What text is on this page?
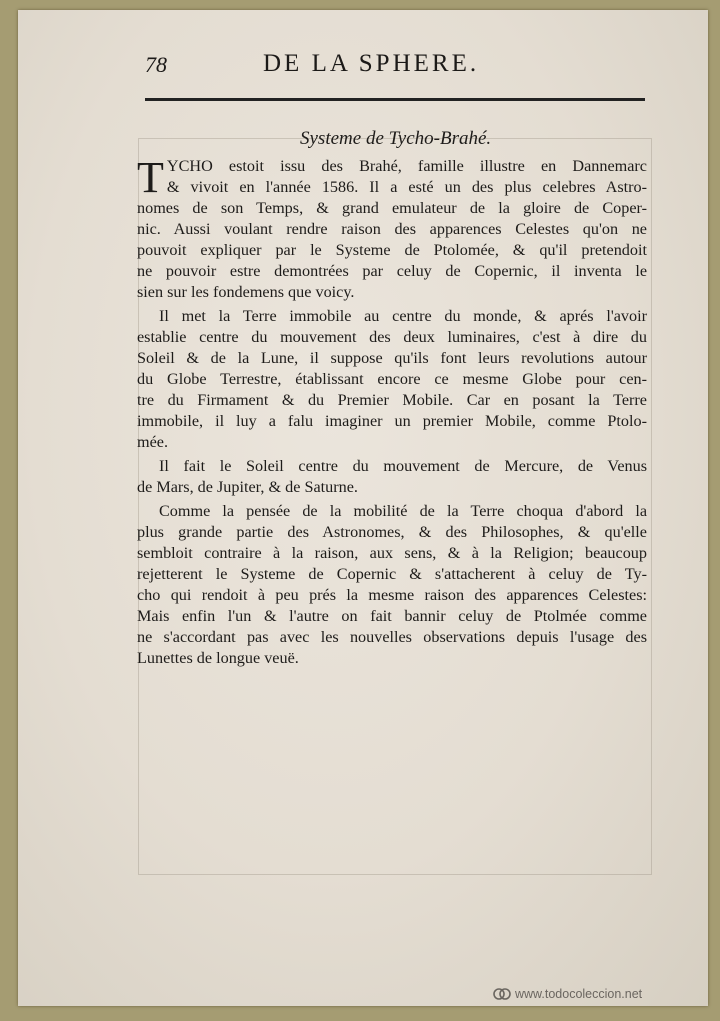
78	DE LA SPHERE.
Systeme de Tycho-Brahé.
T YCHO estoit issu des Brahé, famille illustre en Dannemarc
& vivoit en l'année 1586. Il a esté un des plus celebres Astro-
nomes de son Temps, & grand emulateur de la gloire de Coper-
nic. Aussi voulant rendre raison des apparences Celestes qu'on ne
pouvoit expliquer par le Systeme de Ptolomée, & qu'il pretendoit
ne pouvoir estre demontrées par celuy de Copernic, il inventa le
sien sur les fondemens que voicy.
Il met la Terre immobile au centre du monde, & aprés l'avoir
establie centre du mouvement des deux luminaires, c'est à dire du
Soleil & de la Lune, il suppose qu'ils font leurs revolutions autour
du Globe Terrestre, établissant encore ce mesme Globe pour cen-
tre du Firmament & du Premier Mobile. Car en posant la Terre
immobile, il luy a falu imaginer un premier Mobile, comme Ptolo-
mée.
Il fait le Soleil centre du mouvement de Mercure, de Venus
de Mars, de Jupiter, & de Saturne.
Comme la pensée de la mobilité de la Terre choqua d'abord la
plus grande partie des Astronomes, & des Philosophes, & qu'elle
sembloit contraire à la raison, aux sens, & à la Religion; beaucoup
rejetterent le Systeme de Copernic & s'attacherent à celuy de Ty-
cho qui rendoit à peu prés la mesme raison des apparences Celestes:
Mais enfin l'un & l'autre on fait bannir celuy de Ptolmée comme
ne s'accordant pas avec les nouvelles observations depuis l'usage des
Lunettes de longue veuë.
www.todocoleccion.net
